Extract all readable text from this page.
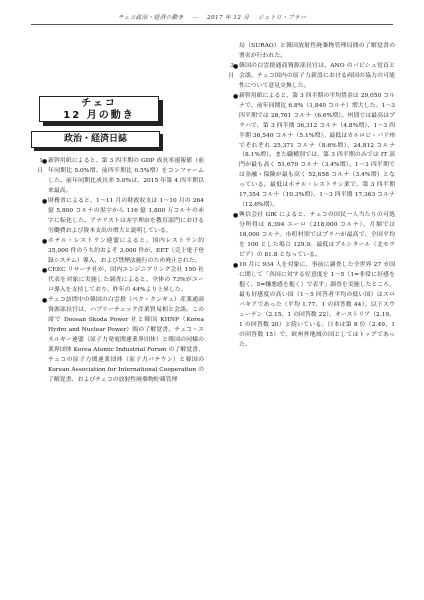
チェコ政治・経済の動き — 2017 年 12 月 ジェトロ・プラハ
チェコ
12 月の動き
政治・経済日誌
1 日
● 新幹用紙によると、第 3 四半期の GDP 成長率速報値（前年同期比 5.0%増、前四半期比 0.5%増）をコンファームした。前年同期比成長率 5.0%は、2015 年第 4 四半期以来最高。

● 財務省によると、1〜11 月の財政収支は 1〜10 月の 264 億 5,800 コルナの黒字から 116 億 1,800 万コルナの赤字に転化した。アナリストは赤字理由を教育部門における労働費および資本支出の増大と説明している。

● ホテル・レストラン連盟によると、国内レストラン約 35,000 件のうち約およそ 3,000 件が、EET（売上電子登録システム）導入、および禁煙法施行のため廃止された。

● CEEC リサーチ社が、国内エンジニアリング会社 150 社代表を対象に実施した調査によると、全体の 73%がユーロ導入を支持しており、昨年の 44%より上昇した。

● チェコ訪問中の韓国の白雲揆（ペク・クンギュ）産業通商資源部長官は、ハブリーチェック産業貿易相と会談。この席で Doosan Skoda Power 社と韓国 KHNP（Korea Hydro and Nuclear Power）間の了解覚書、チェコ・エネルギー連盟（原子力発電関連業界団体）と韓国の同様の業界団体 Korea Atomic Industrial Forum の了解覚書、チェコの原子力関連業団体（原子力パテウン）と韓国の Korean Association for International Cooperation の了解覚書、およびチェコの放射性廃棄物貯蔵管理

局（SURAO）と韓国放射性廃棄物管理局間の了解覚書の署名が行われた。

3 日
● 韓国の白雲揆通商資源部長官は、ANO のバビシュ党首と会談。チェコ国内の原子力新設における両国の協力の可能性について意見交換した。

● 新幹用紙によると、第 3 四半期の平均賃金は 29,050 コルナで、前年同期比 6.8%（1,840 コルナ）増大した。1〜3 四半期では 28,761 コルナ（6.6%増）。州別では最高はプラハで、第 3 四半期 36,312 コルナ（4.8%増）、1〜3 四半期 36,540 コルナ（5.1%増）。最低はカルロビ・バリ州でそれぞれ 25,371 コルナ（8.6%増）、24,812 コルナ（8.1%増）。また職種別では、第 3 四半期のみでは IT 部門が最も高く 51,670 コルナ（3.4%増）、1〜3 四半期では金融・保険が最も高く 52,658 コルナ（3.4%増）となっている。最低はホテル・レストラン業で、第 3 四半期 17,354 コルナ（10.3%増）、1〜3 四半期 17,363 コルナ（12.6%増）。

● 興信会社 GfK によると、チェコの国民一人当たりの可処分所得は 8,394 ユーロ（218,000 コルナ）、月額では 18,000 コルナ。市町村別ではプラハが最高で、全国平均を 100 とした場合 129.9。最低はプルシタール（北モラビア）の 81.8 となっている。

● 10 月に 934 人を対象に、事前に調査した全世界 27 カ国に関して「各国に対する好意度を 1〜5（1=非常に好感を抱く、5=嫌悪感を抱く）で表す」調査を実施したところ、最も好感度の高い国（1〜5 回答者平均の低い国）はスロバキアであった（平均 1.77、1 の回答数 44）。以下スウェーデン（2.15、1 の回答数 22）、オーストリア（2.19、1 の回答数 20）と続いている。日本は第 8 位（2.49、1 の回答数 15）で、欧州外地域の国としてはトップであった。
